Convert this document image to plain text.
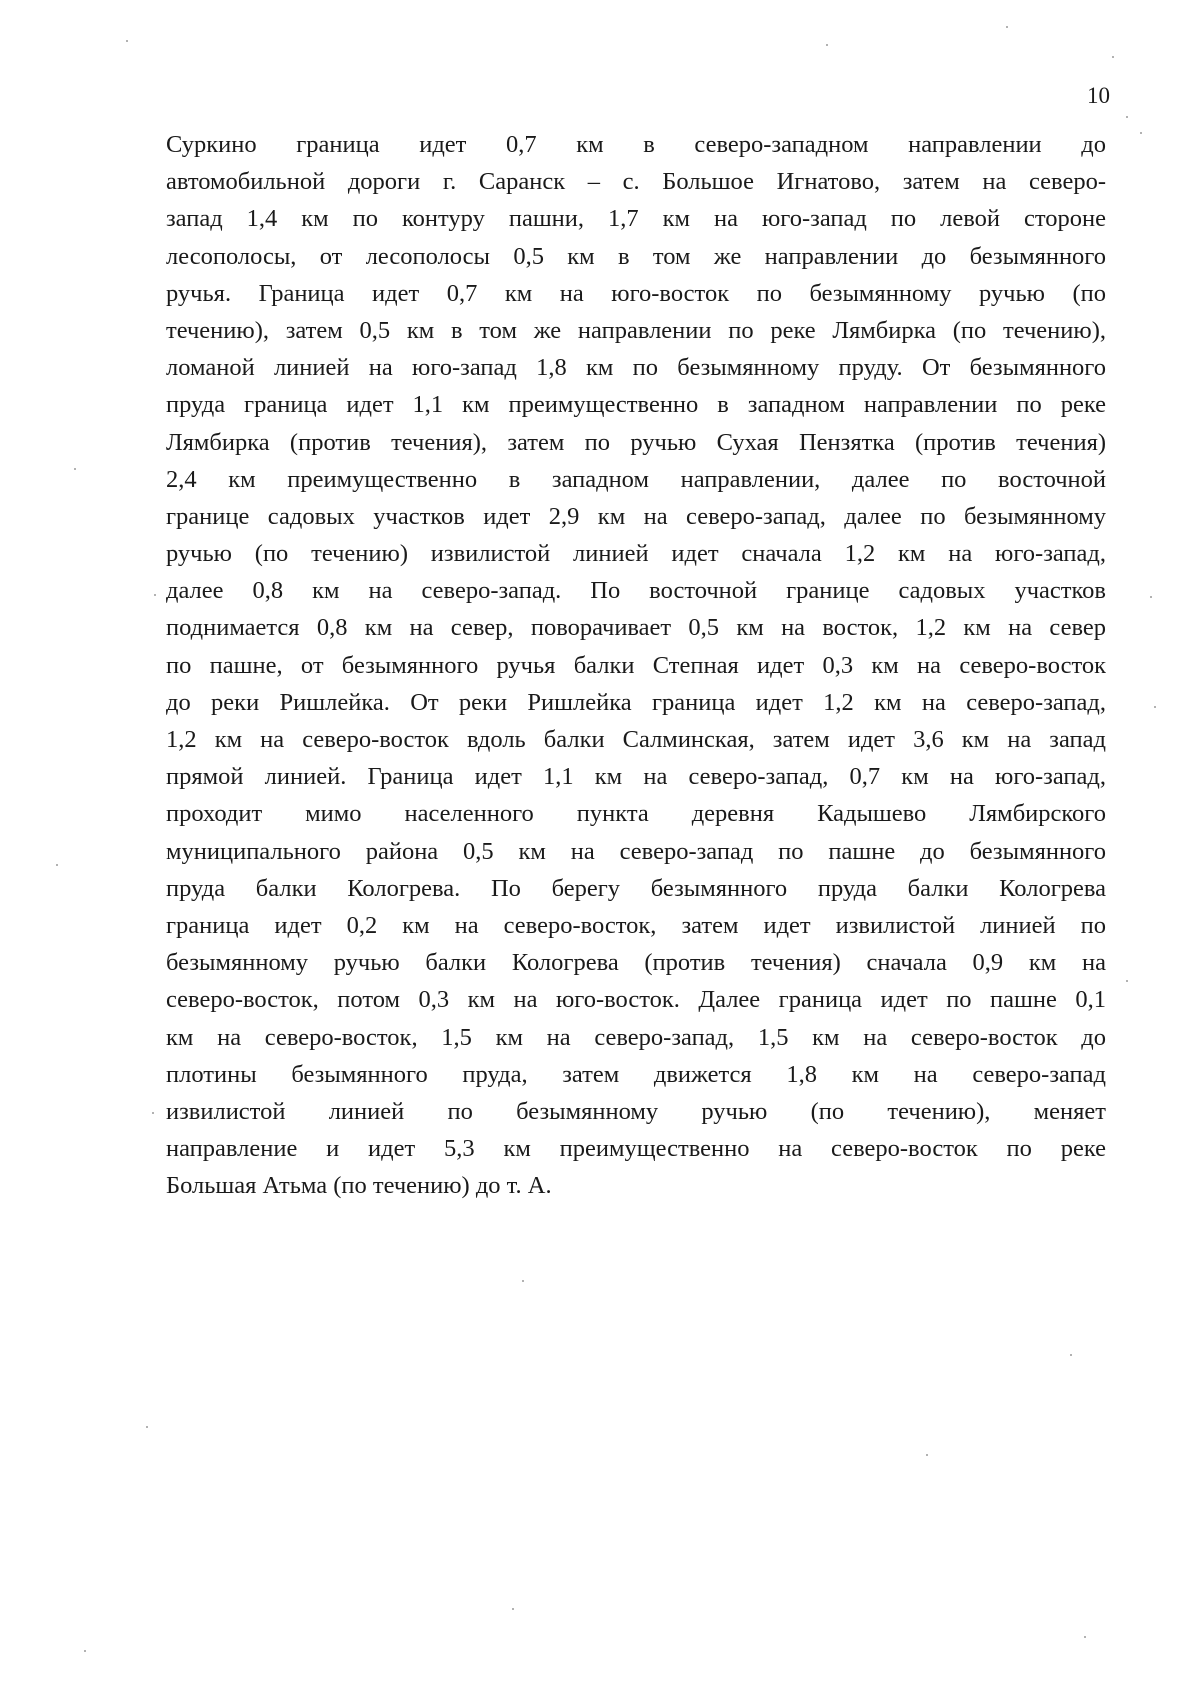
10
Суркино граница идет 0,7 км в северо-западном направлении до
автомобильной дороги г. Саранск – с. Большое Игнатово, затем на северо-
запад 1,4 км по контуру пашни, 1,7 км на юго-запад по левой стороне
лесополосы, от лесополосы 0,5 км в том же направлении до безымянного
ручья. Граница идет 0,7 км на юго-восток по безымянному ручью (по
течению), затем 0,5 км в том же направлении по реке Лямбирка (по течению),
ломаной линией на юго-запад 1,8 км по безымянному пруду. От безымянного
пруда граница идет 1,1 км преимущественно в западном направлении по реке
Лямбирка (против течения), затем по ручью Сухая Пензятка (против течения)
2,4 км преимущественно в западном направлении, далее по восточной
границе садовых участков идет 2,9 км на северо-запад, далее по безымянному
ручью (по течению) извилистой линией идет сначала 1,2 км на юго-запад,
далее 0,8 км на северо-запад. По восточной границе садовых участков
поднимается 0,8 км на север, поворачивает 0,5 км на восток, 1,2 км на север
по пашне, от безымянного ручья балки Степная идет 0,3 км на северо-восток
до реки Ришлейка. От реки Ришлейка граница идет 1,2 км на северо-запад,
1,2 км на северо-восток вдоль балки Салминская, затем идет 3,6 км на запад
прямой линией. Граница идет 1,1 км на северо-запад, 0,7 км на юго-запад,
проходит мимо населенного пункта деревня Кадышево Лямбирского
муниципального района 0,5 км на северо-запад по пашне до безымянного
пруда балки Кологрева. По берегу безымянного пруда балки Кологрева
граница идет 0,2 км на северо-восток, затем идет извилистой линией по
безымянному ручью балки Кологрева (против течения) сначала 0,9 км на
северо-восток, потом 0,3 км на юго-восток. Далее граница идет по пашне 0,1
км на северо-восток, 1,5 км на северо-запад, 1,5 км на северо-восток до
плотины безымянного пруда, затем движется 1,8 км на северо-запад
извилистой линией по безымянному ручью (по течению), меняет
направление и идет 5,3 км преимущественно на северо-восток по реке
Большая Атьма (по течению) до т. А.
